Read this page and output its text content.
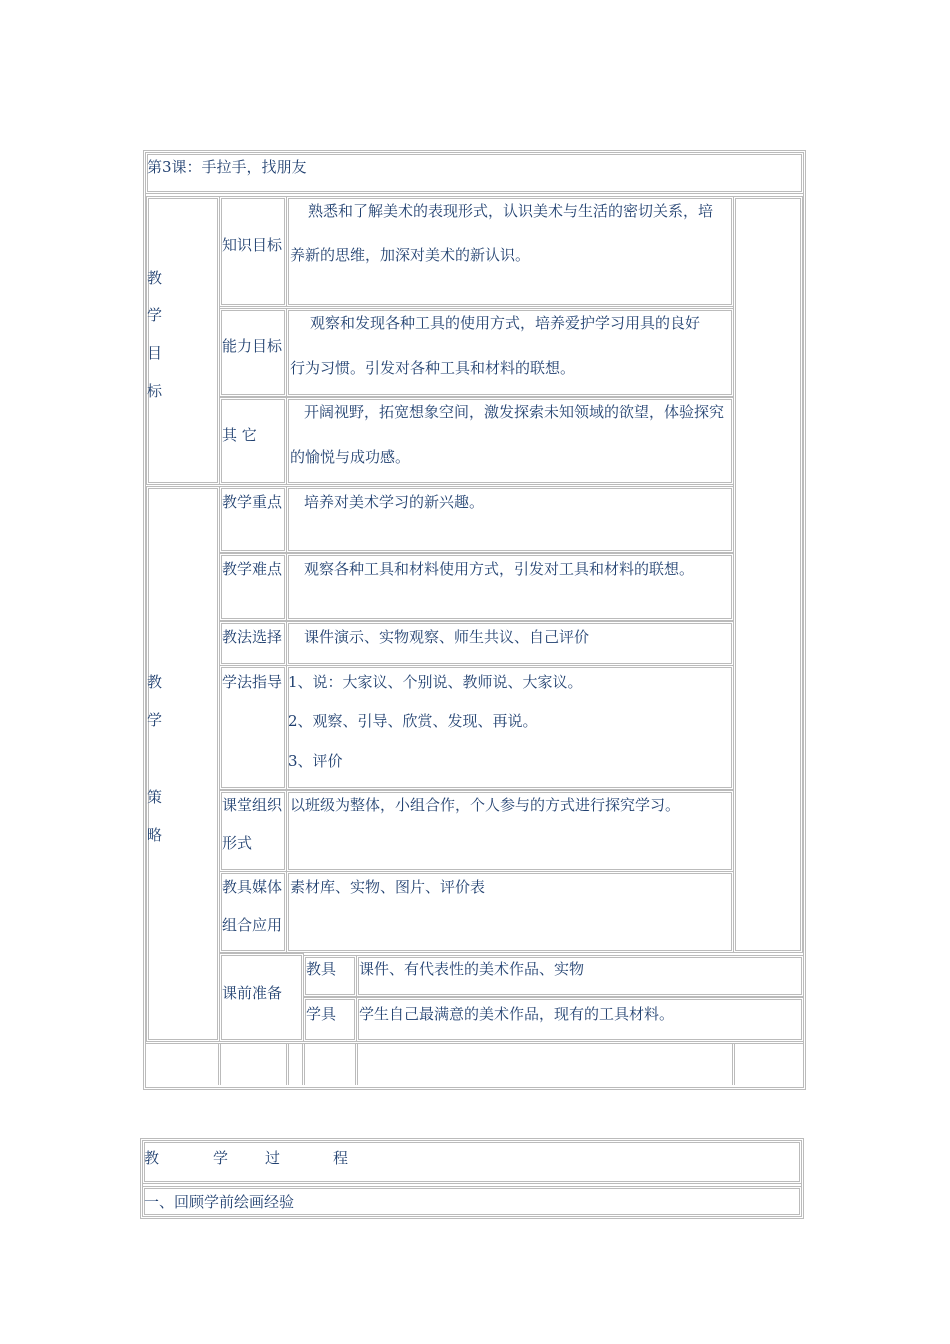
第3课：手拉手，找朋友
教
学
目
标
知识目标
熟悉和了解美术的表现形式，认识美术与生活的密切关系，培
养新的思维，加深对美术的新认识。
能力目标
观察和发现各种工具的使用方式，培养爱护学习用具的良好
行为习惯。引发对各种工具和材料的联想。
其 它
开阔视野，拓宽想象空间，激发探索未知领域的欲望，体验探究
的愉悦与成功感。
教
学
策
略
教学重点 培养对美术学习的新兴趣。
教学难点 观察各种工具和材料使用方式，引发对工具和材料的联想。
教法选择 课件演示、实物观察、师生共议、自己评价
学法指导 1、说：大家议、个别说、教师说、大家议。
2、观察、引导、欣赏、发现、再说。
3、评价
课堂组织
形式
以班级为整体，小组合作，个人参与的方式进行探究学习。
教具媒体
组合应用
素材库、实物、图片、评价表
课前准备
教具 课件、有代表性的美术作品、实物
学具 学生自己最满意的美术作品，现有的工具材料。
教	学 过	程
一、回顾学前绘画经验
